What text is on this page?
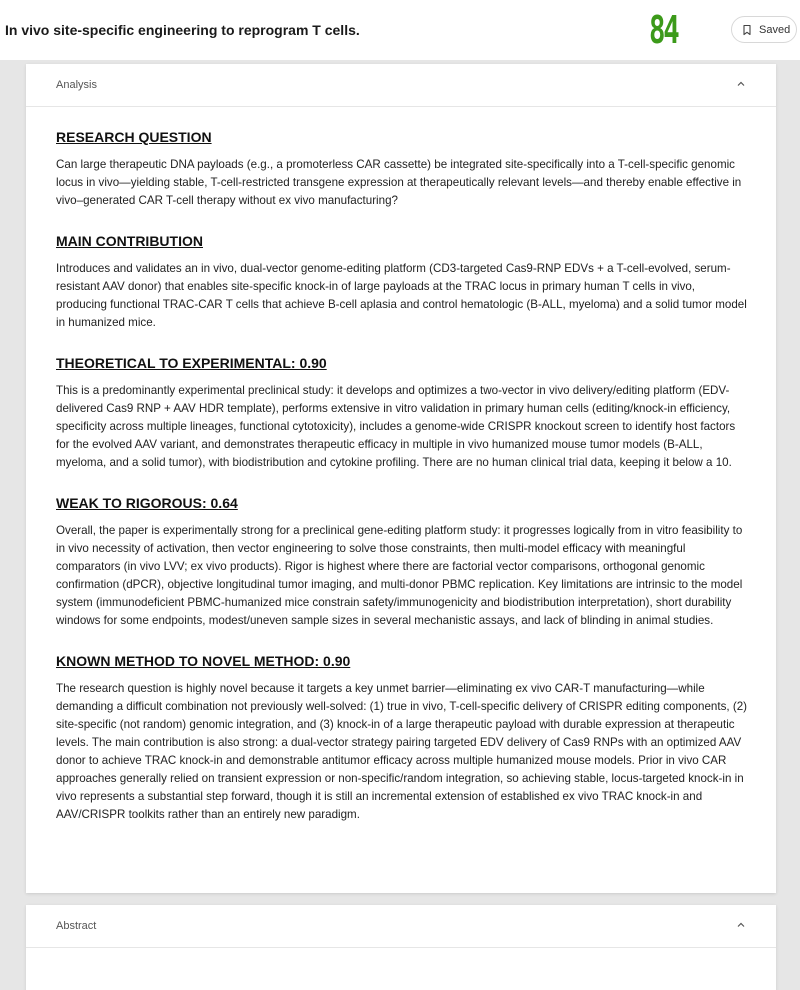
In vivo site-specific engineering to reprogram T cells.	84	Saved
Analysis
RESEARCH QUESTION
Can large therapeutic DNA payloads (e.g., a promoterless CAR cassette) be integrated site-specifically into a T-cell-specific genomic locus in vivo—yielding stable, T-cell-restricted transgene expression at therapeutically relevant levels—and thereby enable effective in vivo–generated CAR T-cell therapy without ex vivo manufacturing?
MAIN CONTRIBUTION
Introduces and validates an in vivo, dual-vector genome-editing platform (CD3-targeted Cas9-RNP EDVs + a T-cell-evolved, serum-resistant AAV donor) that enables site-specific knock-in of large payloads at the TRAC locus in primary human T cells in vivo, producing functional TRAC-CAR T cells that achieve B-cell aplasia and control hematologic (B-ALL, myeloma) and a solid tumor model in humanized mice.
THEORETICAL TO EXPERIMENTAL: 0.90
This is a predominantly experimental preclinical study: it develops and optimizes a two-vector in vivo delivery/editing platform (EDV-delivered Cas9 RNP + AAV HDR template), performs extensive in vitro validation in primary human cells (editing/knock-in efficiency, specificity across multiple lineages, functional cytotoxicity), includes a genome-wide CRISPR knockout screen to identify host factors for the evolved AAV variant, and demonstrates therapeutic efficacy in multiple in vivo humanized mouse tumor models (B-ALL, myeloma, and a solid tumor), with biodistribution and cytokine profiling. There are no human clinical trial data, keeping it below a 10.
WEAK TO RIGOROUS: 0.64
Overall, the paper is experimentally strong for a preclinical gene-editing platform study: it progresses logically from in vitro feasibility to in vivo necessity of activation, then vector engineering to solve those constraints, then multi-model efficacy with meaningful comparators (in vivo LVV; ex vivo products). Rigor is highest where there are factorial vector comparisons, orthogonal genomic confirmation (dPCR), objective longitudinal tumor imaging, and multi-donor PBMC replication. Key limitations are intrinsic to the model system (immunodeficient PBMC-humanized mice constrain safety/immunogenicity and biodistribution interpretation), short durability windows for some endpoints, modest/uneven sample sizes in several mechanistic assays, and lack of blinding in animal studies.
KNOWN METHOD TO NOVEL METHOD: 0.90
The research question is highly novel because it targets a key unmet barrier—eliminating ex vivo CAR-T manufacturing—while demanding a difficult combination not previously well-solved: (1) true in vivo, T-cell-specific delivery of CRISPR editing components, (2) site-specific (not random) genomic integration, and (3) knock-in of a large therapeutic payload with durable expression at therapeutic levels. The main contribution is also strong: a dual-vector strategy pairing targeted EDV delivery of Cas9 RNPs with an optimized AAV donor to achieve TRAC knock-in and demonstrable antitumor efficacy across multiple humanized mouse models. Prior in vivo CAR approaches generally relied on transient expression or non-specific/random integration, so achieving stable, locus-targeted knock-in in vivo represents a substantial step forward, though it is still an incremental extension of established ex vivo TRAC knock-in and AAV/CRISPR toolkits rather than an entirely new paradigm.
Abstract
